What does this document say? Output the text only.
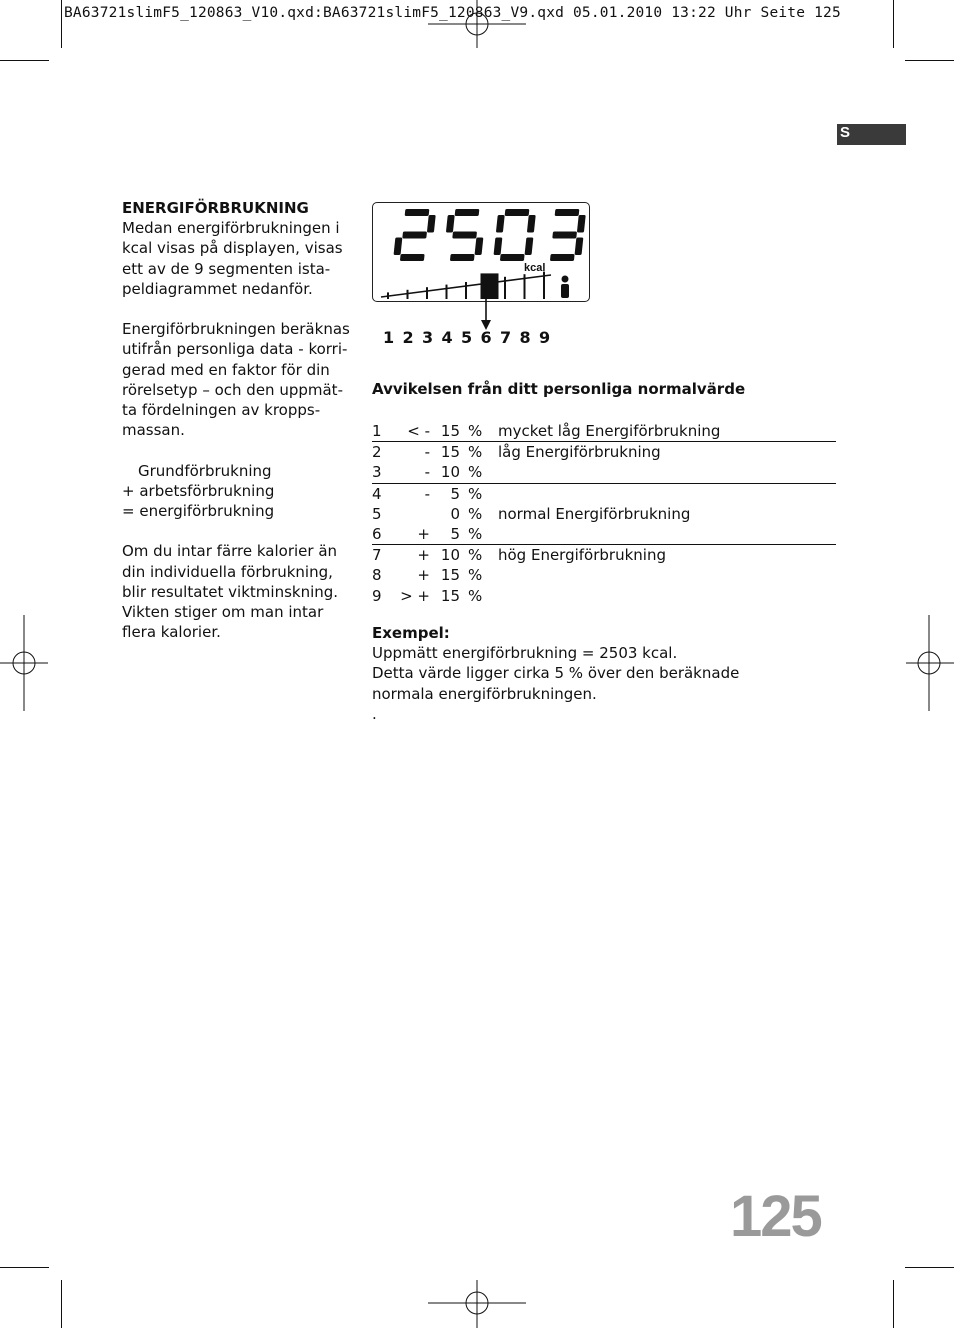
BA63721slimF5_120863_V10.qxd:BA63721slimF5_120863_V9.qxd 05.01.2010 13:22 Uhr Seite 125
S
ENERGIFÖRBRUKNING

Medan energiförbrukningen i
kcal visas på displayen, visas
ett av de 9 segmenten ista-
peldiagrammet nedanför.

Energiförbrukningen beräknas
utifrån personliga data - korri-
gerad med en faktor för din
rörelsetyp – och den uppmät-
ta fördelningen av kropps-
massan.

Grundförbrukning
+ arbetsförbrukning
= energiförbrukning

Om du intar färre kalorier än
din individuella förbrukning,
blir resultatet viktminskning.
Vikten stiger om man intar
flera kalorier.

kcal
1 2 3 4 5 6 7 8 9
Avvikelsen från ditt personliga normalvärde
1	< -	15	%	mycket låg Energiförbrukning
2	-	15	%	låg Energiförbrukning
3	-	10	%	
4	-	5	%	
5		0	%	normal Energiförbrukning
6	+	5	%	
7	+	10	%	hög Energiförbrukning
8	+	15	%	
9	> +	15	%	
Exempel:
Uppmätt energiförbrukning = 2503 kcal.
Detta värde ligger cirka 5 % över den beräknade
normala energiförbrukningen.
.
125
